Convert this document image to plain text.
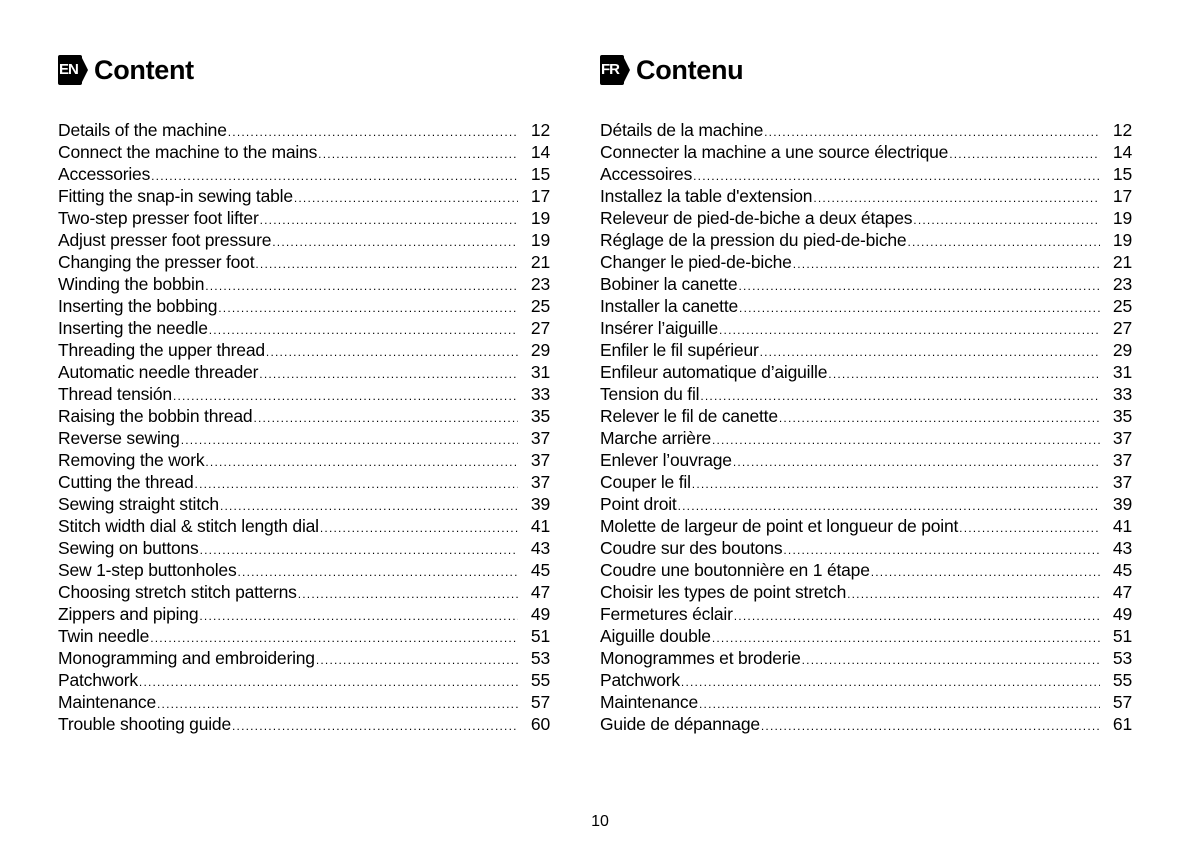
EN Content
Details of the machine .....	12
Connect the machine to the mains .....	14
Accessories .....	15
Fitting the snap-in sewing table .....	17
Two-step presser foot lifter .....	19
Adjust presser foot pressure .....	19
Changing the presser foot .....	21
Winding the bobbin .....	23
Inserting the bobbing .....	25
Inserting the needle .....	27
Threading the upper thread .....	29
Automatic needle threader .....	31
Thread tensión .....	33
Raising the bobbin thread .....	35
Reverse sewing .....	37
Removing the work .....	37
Cutting the thread .....	37
Sewing straight stitch .....	39
Stitch width dial & stitch length dial .....	41
Sewing on buttons .....	43
Sew 1-step buttonholes .....	45
Choosing stretch stitch patterns .....	47
Zippers and piping .....	49
Twin needle .....	51
Monogramming and embroidering .....	53
Patchwork .....	55
Maintenance .....	57
Trouble shooting guide .....	60
FR Contenu
Détails de la machine .....	12
Connecter la machine a une source électrique .....	14
Accessoires .....	15
Installez la table d'extension .....	17
Releveur de pied-de-biche a deux étapes .....	19
Réglage de la pression du pied-de-biche .....	19
Changer le pied-de-biche .....	21
Bobiner la canette .....	23
Installer la canette .....	25
Insérer l’aiguille .....	27
Enfiler le fil supérieur .....	29
Enfileur automatique d’aiguille .....	31
Tension du fil .....	33
Relever le fil de canette .....	35
Marche arrière .....	37
Enlever l’ouvrage .....	37
Couper le fil .....	37
Point droit .....	39
Molette de largeur de point et longueur de point .....	41
Coudre sur des boutons .....	43
Coudre une boutonnière en 1 étape .....	45
Choisir les types de point stretch .....	47
Fermetures éclair .....	49
Aiguille double .....	51
Monogrammes et broderie .....	53
Patchwork .....	55
Maintenance .....	57
Guide de dépannage .....	61
10
